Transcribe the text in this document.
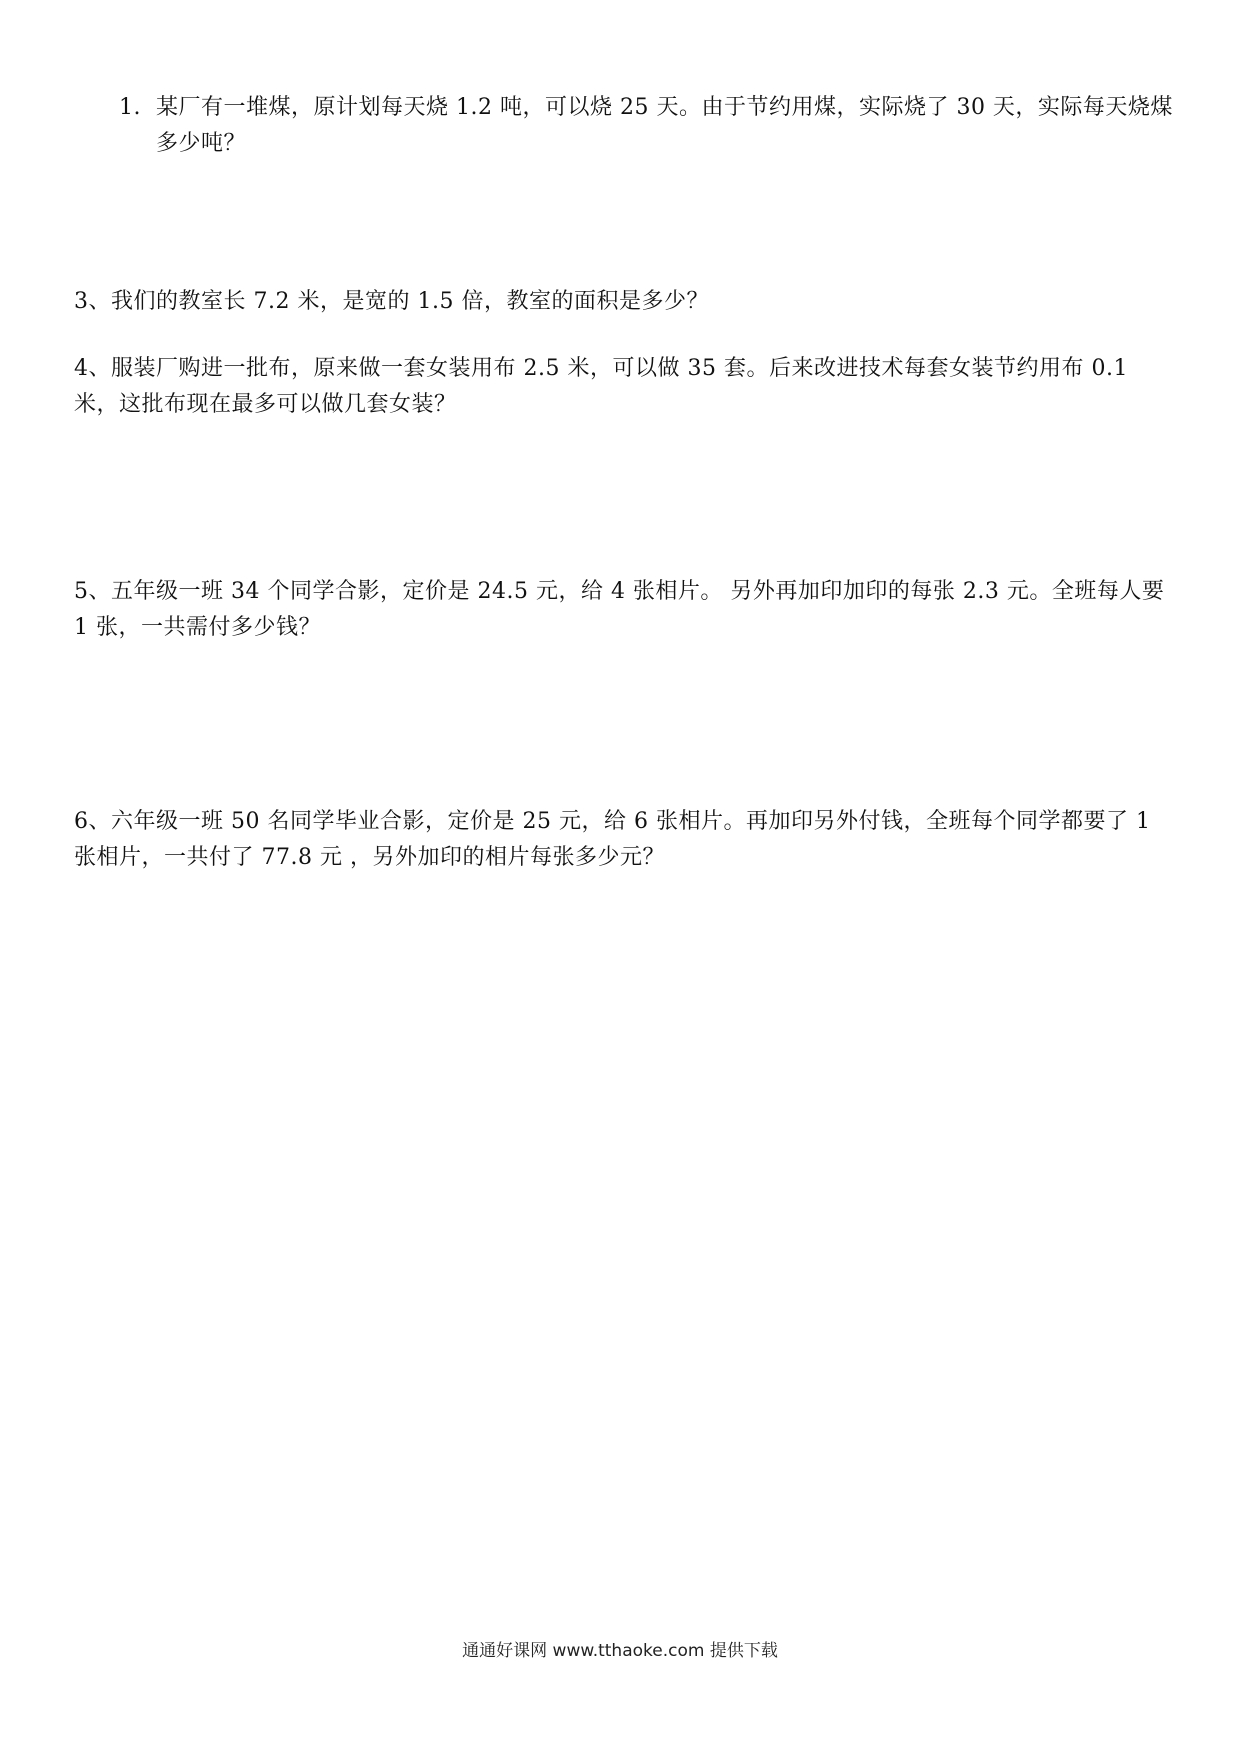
1. 某厂有一堆煤，原计划每天烧 1.2 吨，可以烧 25 天。由于节约用煤，实际烧了 30 天，实际每天烧煤多少吨？

3、我们的教室长 7.2 米，是宽的 1.5 倍，教室的面积是多少？

4、服装厂购进一批布，原来做一套女装用布 2.5 米，可以做 35 套。后来改进技术每套女装节约用布 0.1 米，这批布现在最多可以做几套女装？

5、五年级一班 34 个同学合影，定价是 24.5 元，给 4 张相片。 另外再加印加印的每张 2.3 元。全班每人要 1 张，一共需付多少钱？

6、六年级一班 50 名同学毕业合影，定价是 25 元，给 6 张相片。再加印另外付钱，全班每个同学都要了 1 张相片，一共付了 77.8 元 ，另外加印的相片每张多少元？

通通好课网 www.tthaoke.com 提供下载
